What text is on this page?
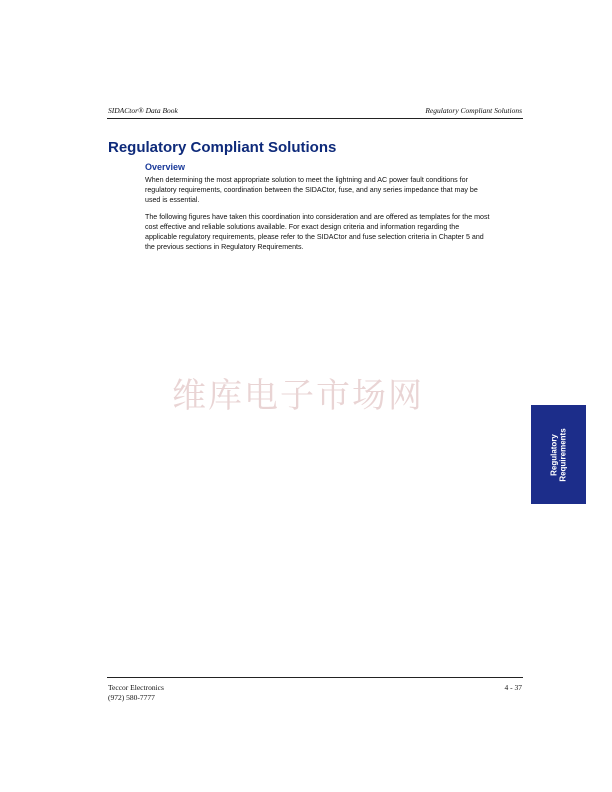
SIDACtor® Data Book	Regulatory Compliant Solutions
Regulatory Compliant Solutions
Overview

When determining the most appropriate solution to meet the lightning and AC power fault conditions for regulatory requirements, coordination between the SIDACtor, fuse, and any series impedance that may be used is essential.

The following figures have taken this coordination into consideration and are offered as templates for the most cost effective and reliable solutions available. For exact design criteria and information regarding the applicable regulatory requirements, please refer to the SIDACtor and fuse selection criteria in Chapter 5 and the previous sections in Regulatory Requirements.

维库电子市场网
Regulatory Requirements
Teccor Electronics
(972) 580-7777
4 - 37
